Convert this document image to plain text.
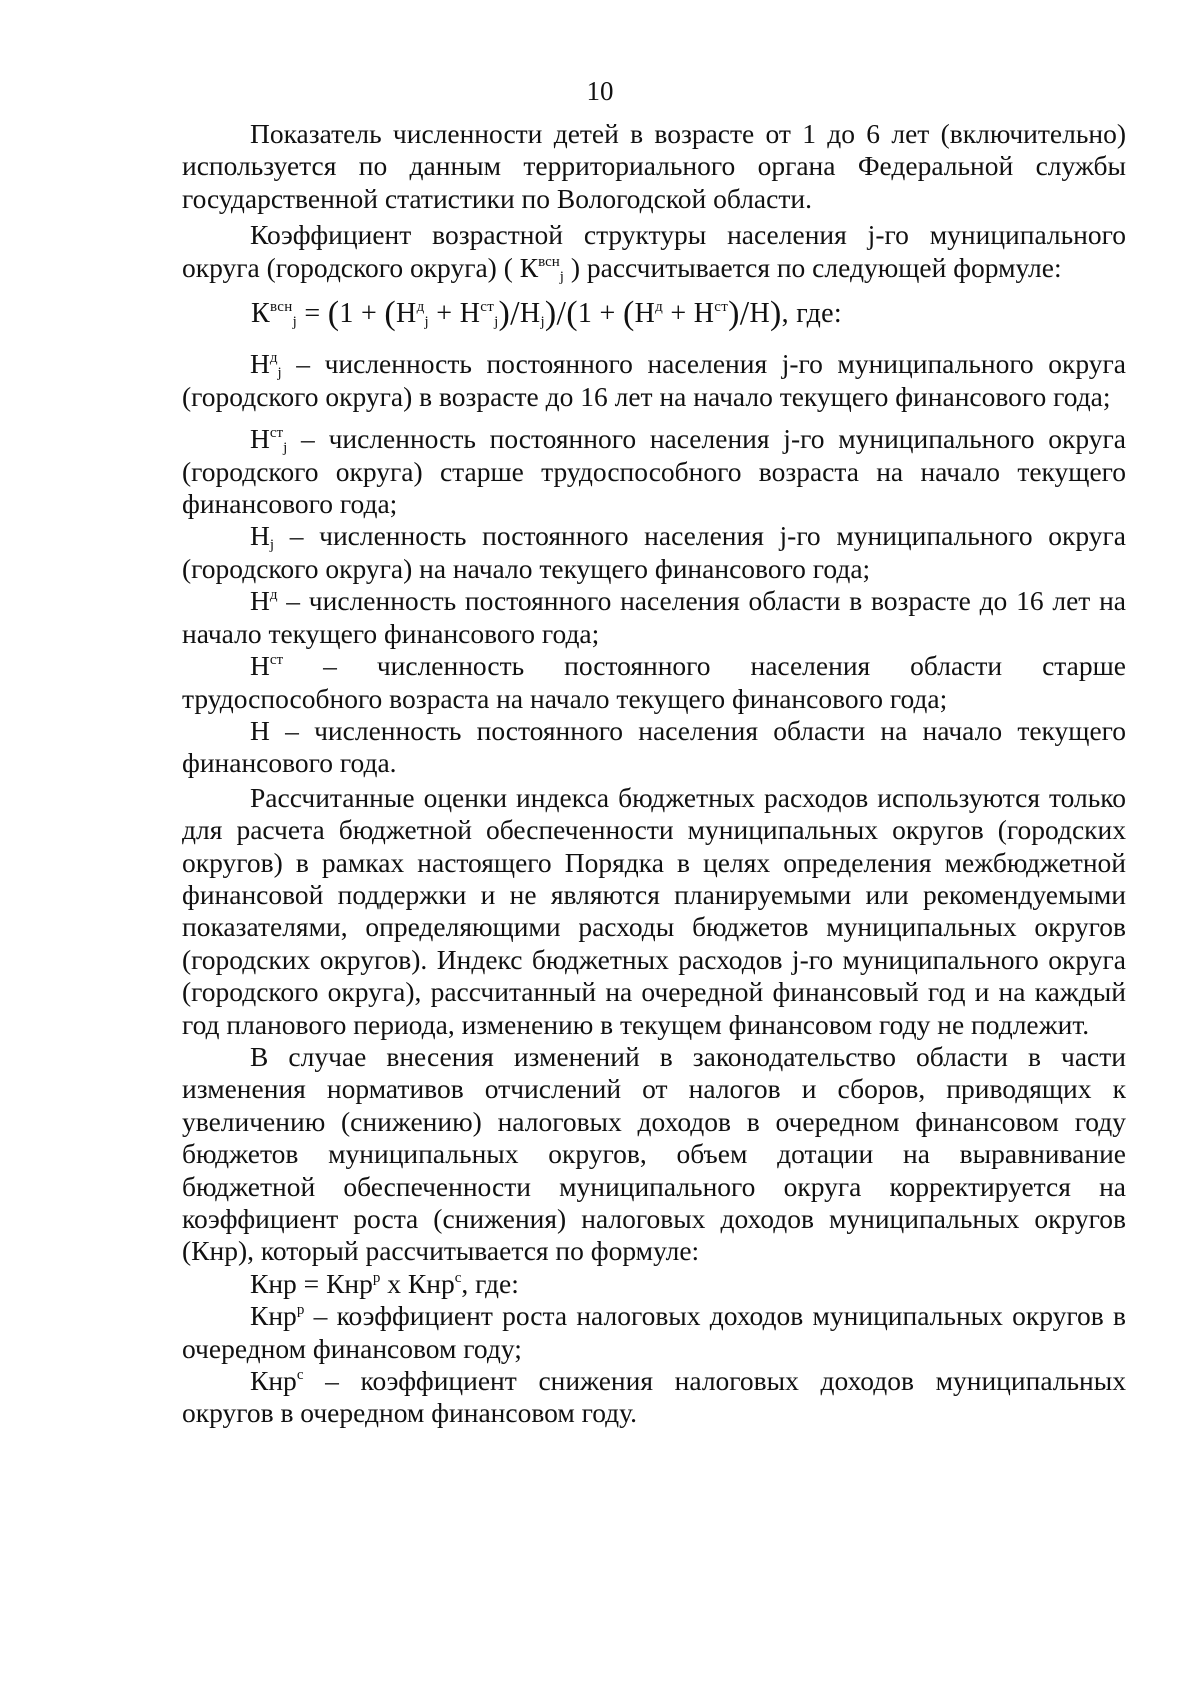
10

Показатель численности детей в возрасте от 1 до 6 лет (включительно) используется по данным территориального органа Федеральной службы государственной статистики по Вологодской области.

Коэффициент возрастной структуры населения j-го муниципального округа (городского округа) ( $К^{всн}_j$ ) рассчитывается по следующей формуле:

$К^{всн}_j = (1 + (Н^д_j + Н^{ст}_j)/Н_j)/(1 + (Н^д + Н^{ст})/Н)$, где:

$Н^д_j$ – численность постоянного населения j-го муниципального округа (городского округа) в возрасте до 16 лет на начало текущего финансового года;

$Н^{ст}_j$ – численность постоянного населения j-го муниципального округа (городского округа) старше трудоспособного возраста на начало текущего финансового года;

$Н_j$ – численность постоянного населения j-го муниципального округа (городского округа) на начало текущего финансового года;

$Н^д$ – численность постоянного населения области в возрасте до 16 лет на начало текущего финансового года;

$Н^{ст}$ – численность постоянного населения области старше трудоспособного возраста на начало текущего финансового года;

Н – численность постоянного населения области на начало текущего финансового года.

Рассчитанные оценки индекса бюджетных расходов используются только для расчета бюджетной обеспеченности муниципальных округов (городских округов) в рамках настоящего Порядка в целях определения межбюджетной финансовой поддержки и не являются планируемыми или рекомендуемыми показателями, определяющими расходы бюджетов муниципальных округов (городских округов). Индекс бюджетных расходов j-го муниципального округа (городского округа), рассчитанный на очередной финансовый год и на каждый год планового периода, изменению в текущем финансовом году не подлежит.

В случае внесения изменений в законодательство области в части изменения нормативов отчислений от налогов и сборов, приводящих к увеличению (снижению) налоговых доходов в очередном финансовом году бюджетов муниципальных округов, объем дотации на выравнивание бюджетной обеспеченности муниципального округа корректируется на коэффициент роста (снижения) налоговых доходов муниципальных округов (Кнр), который рассчитывается по формуле:

Кнр = Кнр$^р$ х Кнр$^с$, где:

Кнр$^р$ – коэффициент роста налоговых доходов муниципальных округов в очередном финансовом году;

Кнр$^с$ – коэффициент снижения налоговых доходов муниципальных округов в очередном финансовом году.
